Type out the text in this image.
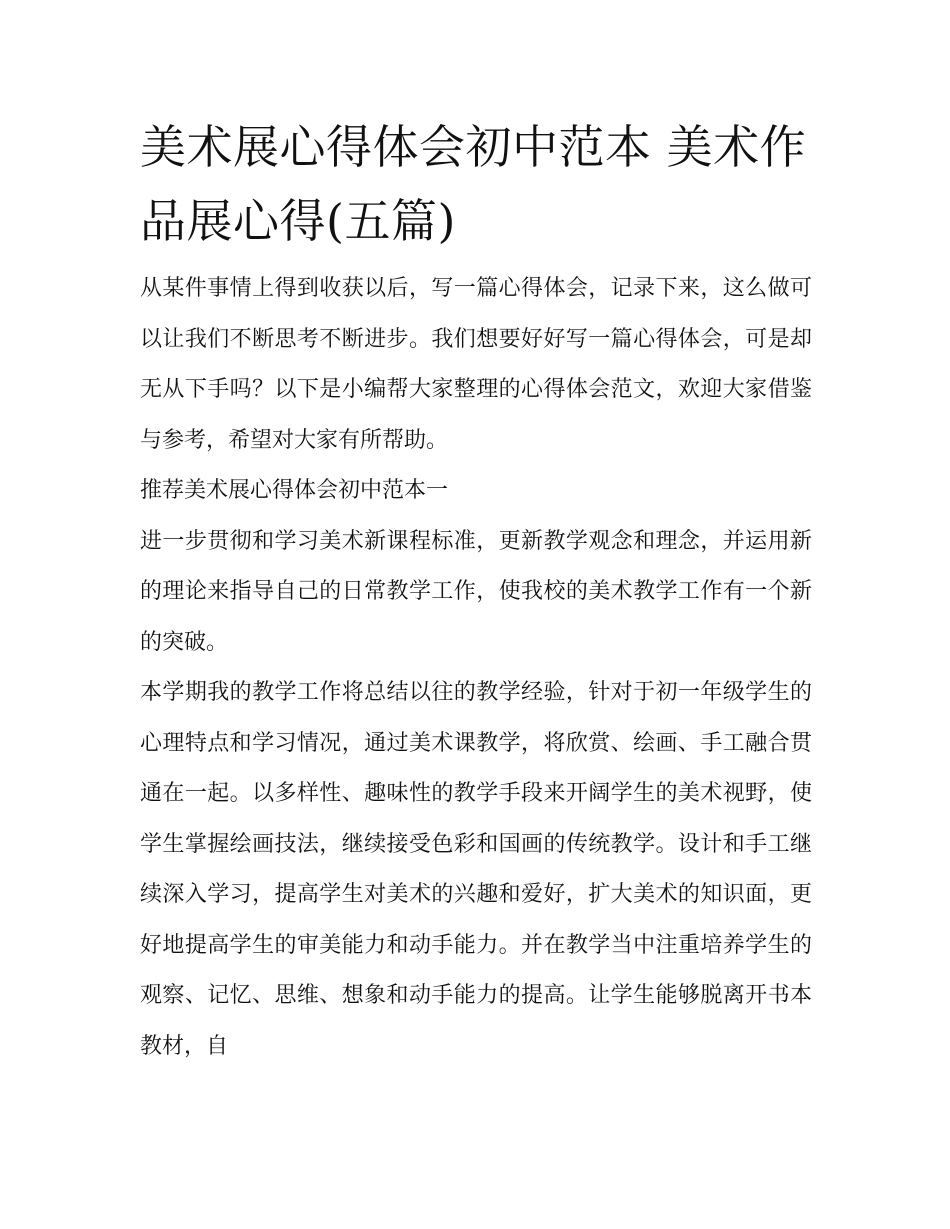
美术展心得体会初中范本 美术作品展心得(五篇)

从某件事情上得到收获以后，写一篇心得体会，记录下来，这么做可以让我们不断思考不断进步。我们想要好好写一篇心得体会，可是却无从下手吗？以下是小编帮大家整理的心得体会范文，欢迎大家借鉴与参考，希望对大家有所帮助。

推荐美术展心得体会初中范本一

进一步贯彻和学习美术新课程标准，更新教学观念和理念，并运用新的理论来指导自己的日常教学工作，使我校的美术教学工作有一个新的突破。

本学期我的教学工作将总结以往的教学经验，针对于初一年级学生的心理特点和学习情况，通过美术课教学，将欣赏、绘画、手工融合贯通在一起。以多样性、趣味性的教学手段来开阔学生的美术视野，使学生掌握绘画技法，继续接受色彩和国画的传统教学。设计和手工继续深入学习，提高学生对美术的兴趣和爱好，扩大美术的知识面，更好地提高学生的审美能力和动手能力。并在教学当中注重培养学生的观察、记忆、思维、想象和动手能力的提高。让学生能够脱离开书本教材，自
